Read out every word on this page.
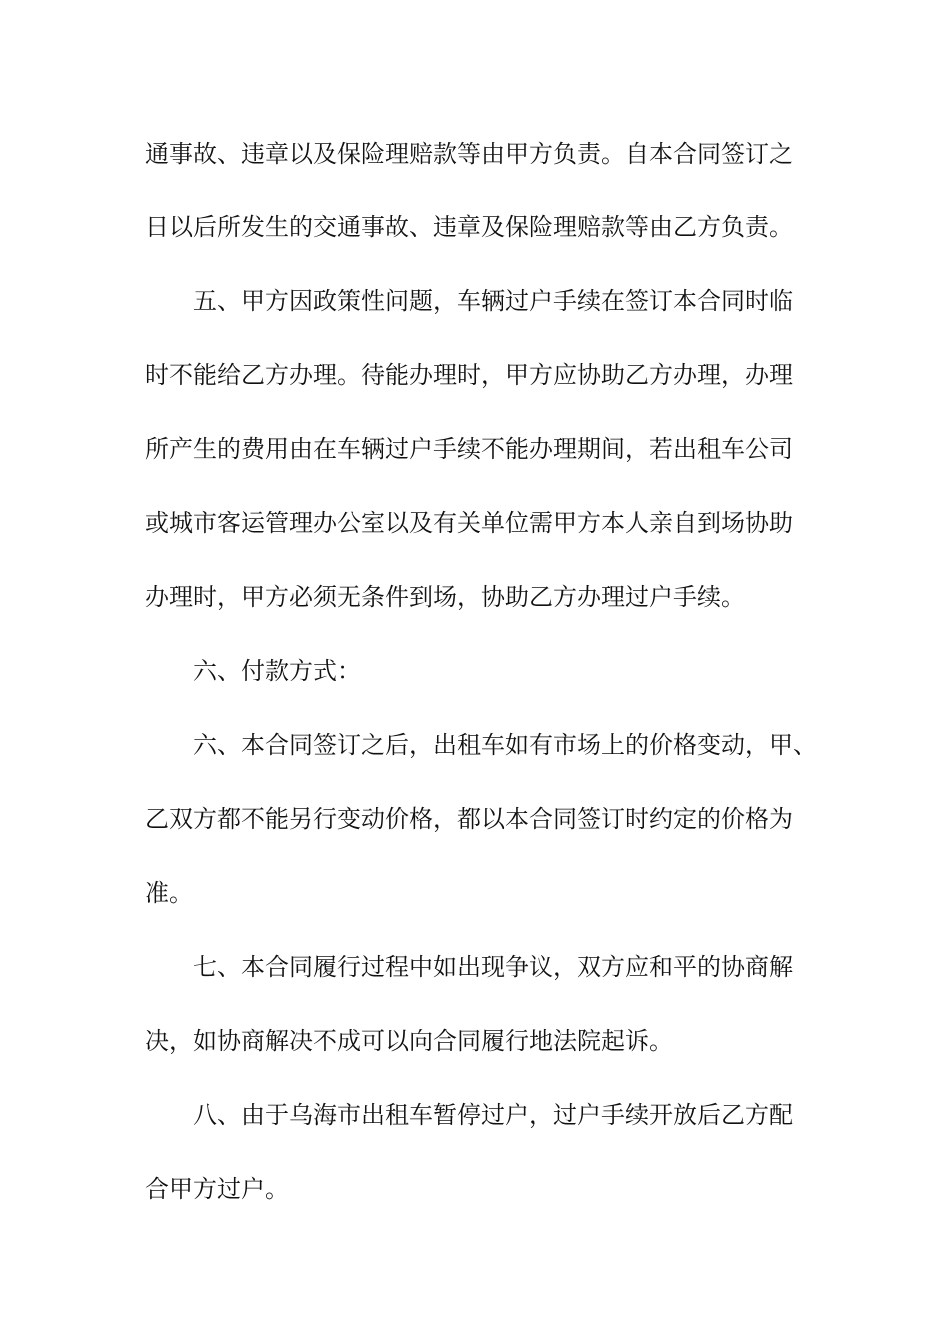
通事故、违章以及保险理赔款等由甲方负责。自本合同签订之
日以后所发生的交通事故、违章及保险理赔款等由乙方负责。
五、甲方因政策性问题，车辆过户手续在签订本合同时临
时不能给乙方办理。待能办理时，甲方应协助乙方办理，办理
所产生的费用由在车辆过户手续不能办理期间，若出租车公司
或城市客运管理办公室以及有关单位需甲方本人亲自到场协助
办理时，甲方必须无条件到场，协助乙方办理过户手续。
六、付款方式：
六、本合同签订之后，出租车如有市场上的价格变动，甲、
乙双方都不能另行变动价格，都以本合同签订时约定的价格为
准。
七、本合同履行过程中如出现争议，双方应和平的协商解
决，如协商解决不成可以向合同履行地法院起诉。
八、由于乌海市出租车暂停过户，过户手续开放后乙方配
合甲方过户。
